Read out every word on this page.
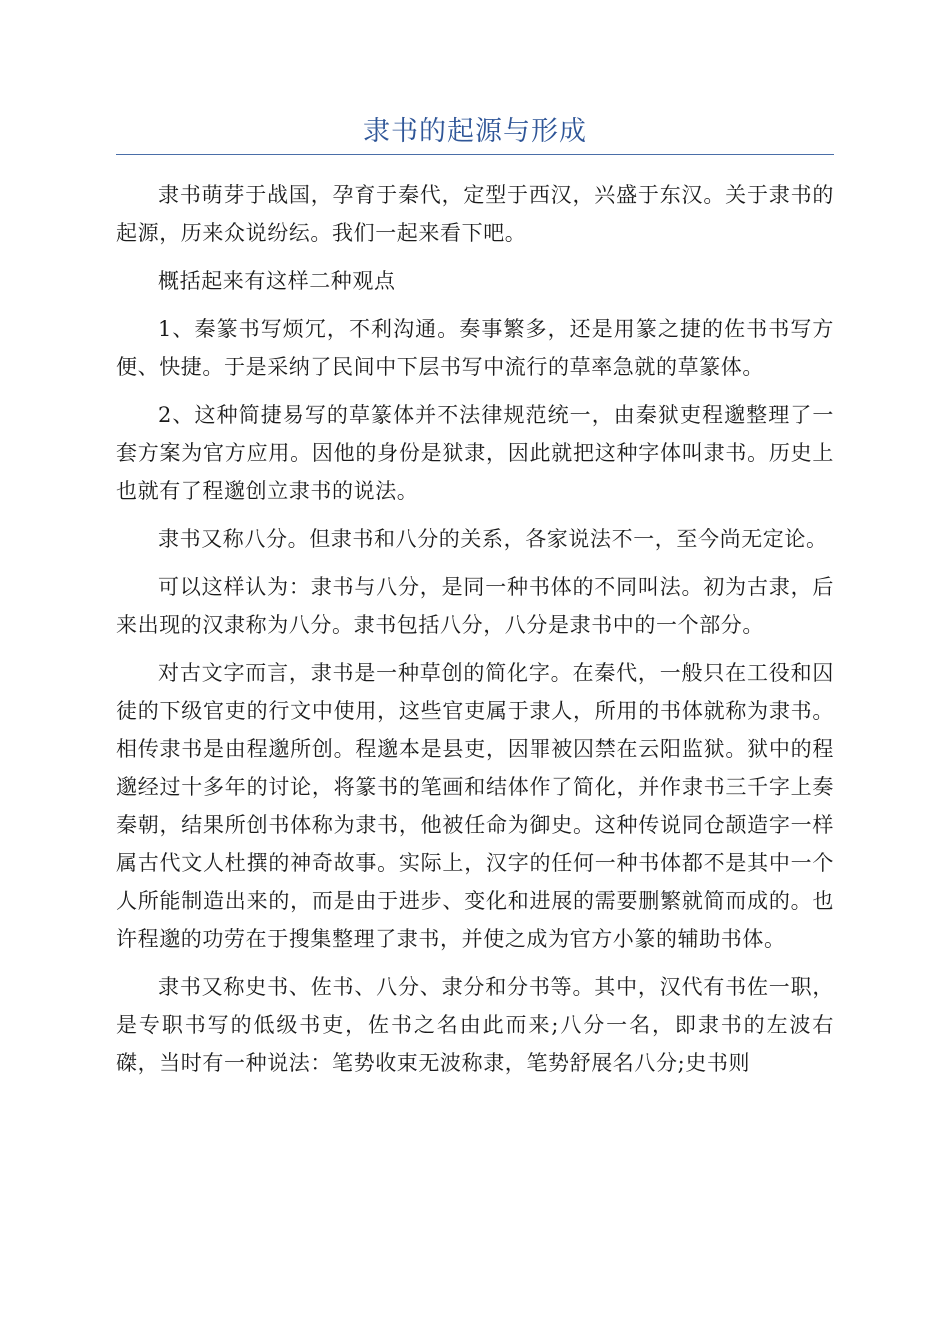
隶书的起源与形成

隶书萌芽于战国，孕育于秦代，定型于西汉，兴盛于东汉。关于隶书的起源，历来众说纷纭。我们一起来看下吧。

概括起来有这样二种观点

1、秦篆书写烦冗，不利沟通。奏事繁多，还是用篆之捷的佐书书写方便、快捷。于是采纳了民间中下层书写中流行的草率急就的草篆体。

2、这种简捷易写的草篆体并不法律规范统一，由秦狱吏程邈整理了一套方案为官方应用。因他的身份是狱隶，因此就把这种字体叫隶书。历史上也就有了程邈创立隶书的说法。

隶书又称八分。但隶书和八分的关系，各家说法不一，至今尚无定论。

可以这样认为：隶书与八分，是同一种书体的不同叫法。初为古隶，后来出现的汉隶称为八分。隶书包括八分，八分是隶书中的一个部分。

对古文字而言，隶书是一种草创的简化字。在秦代，一般只在工役和囚徒的下级官吏的行文中使用，这些官吏属于隶人，所用的书体就称为隶书。相传隶书是由程邈所创。程邈本是县吏，因罪被囚禁在云阳监狱。狱中的程邈经过十多年的讨论，将篆书的笔画和结体作了简化，并作隶书三千字上奏秦朝，结果所创书体称为隶书，他被任命为御史。这种传说同仓颉造字一样属古代文人杜撰的神奇故事。实际上，汉字的任何一种书体都不是其中一个人所能制造出来的，而是由于进步、变化和进展的需要删繁就简而成的。也许程邈的功劳在于搜集整理了隶书，并使之成为官方小篆的辅助书体。

隶书又称史书、佐书、八分、隶分和分书等。其中，汉代有书佐一职，是专职书写的低级书吏，佐书之名由此而来;八分一名，即隶书的左波右磔，当时有一种说法：笔势收束无波称隶，笔势舒展名八分;史书则
